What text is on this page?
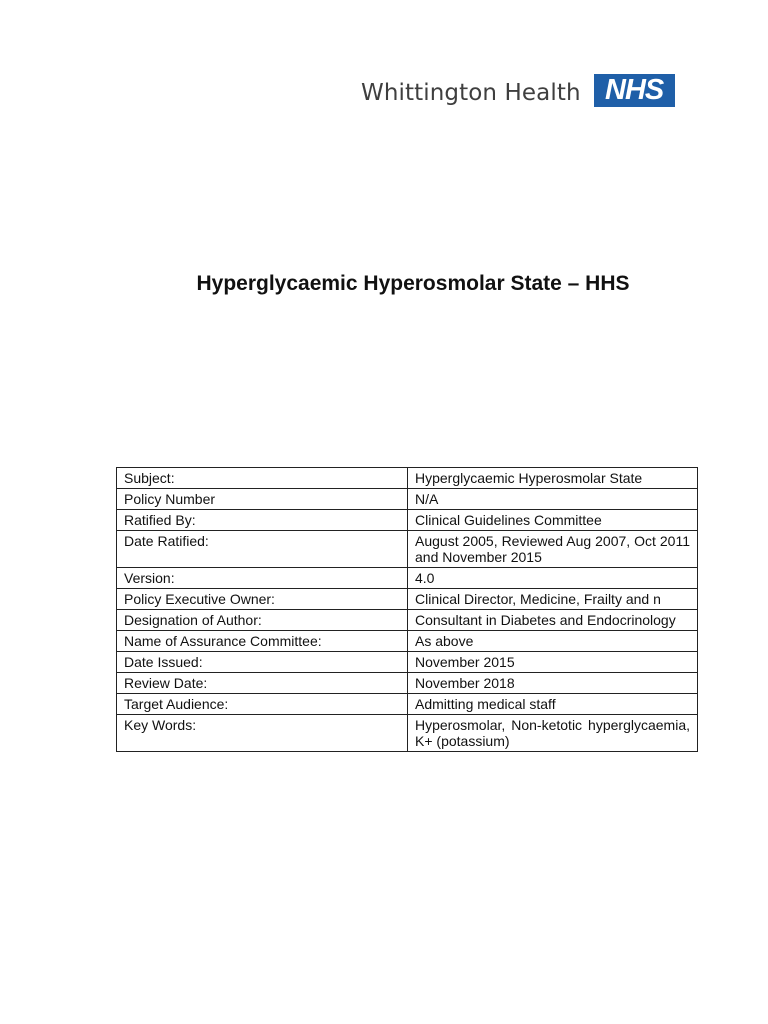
Whittington Health NHS
Hyperglycaemic Hyperosmolar State – HHS
Subject:	Hyperglycaemic Hyperosmolar State
Policy Number	N/A
Ratified By:	Clinical Guidelines Committee
Date Ratified:	August 2005, Reviewed Aug 2007, Oct 2011 and November 2015
Version:	4.0
Policy Executive Owner:	Clinical Director, Medicine, Frailty and n
Designation of Author:	Consultant in Diabetes and Endocrinology
Name of Assurance Committee:	As above
Date Issued:	November 2015
Review Date:	November 2018
Target Audience:	Admitting medical staff
Key Words:	Hyperosmolar, Non-ketotic hyperglycaemia, K+ (potassium)
